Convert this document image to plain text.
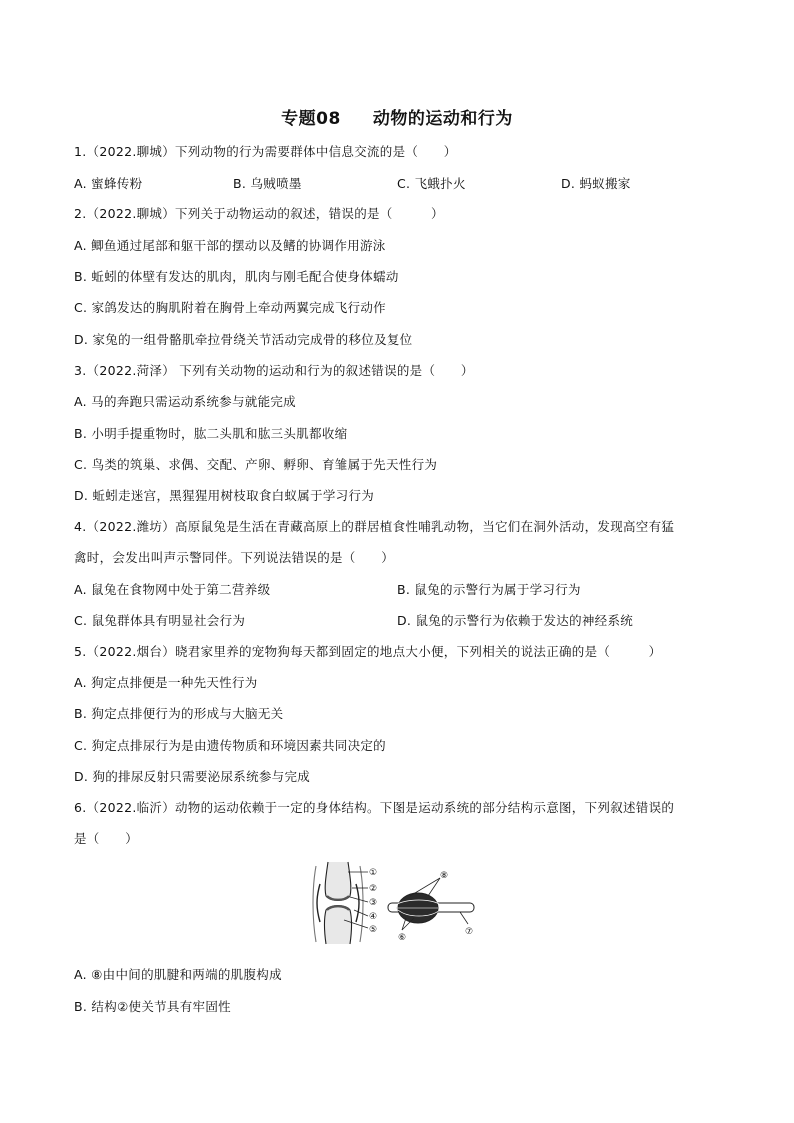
专题08     动物的运动和行为
1.（2022.聊城）下列动物的行为需要群体中信息交流的是（　　）
A. 蜜蜂传粉	B. 乌贼喷墨	C. 飞蛾扑火	D. 蚂蚁搬家
2.（2022.聊城）下列关于动物运动的叙述，错误的是（　　　）
A. 鲫鱼通过尾部和躯干部的摆动以及鳍的协调作用游泳
B. 蚯蚓的体壁有发达的肌肉，肌肉与刚毛配合使身体蠕动
C. 家鸽发达的胸肌附着在胸骨上牵动两翼完成飞行动作
D. 家兔的一组骨骼肌牵拉骨绕关节活动完成骨的移位及复位
3.（2022.菏泽） 下列有关动物的运动和行为的叙述错误的是（　　）
A. 马的奔跑只需运动系统参与就能完成
B. 小明手提重物时，肱二头肌和肱三头肌都收缩
C. 鸟类的筑巢、求偶、交配、产卵、孵卵、育雏属于先天性行为
D. 蚯蚓走迷宫，黑猩猩用树枝取食白蚁属于学习行为
4.（2022.潍坊）高原鼠兔是生活在青藏高原上的群居植食性哺乳动物，当它们在洞外活动，发现高空有猛
禽时，会发出叫声示警同伴。下列说法错误的是（　　）
A. 鼠兔在食物网中处于第二营养级	B. 鼠兔的示警行为属于学习行为
C. 鼠兔群体具有明显社会行为	D. 鼠兔的示警行为依赖于发达的神经系统
5.（2022.烟台）晓君家里养的宠物狗每天都到固定的地点大小便，下列相关的说法正确的是（　　　）
A. 狗定点排便是一种先天性行为
B. 狗定点排便行为的形成与大脑无关
C. 狗定点排尿行为是由遗传物质和环境因素共同决定的
D. 狗的排尿反射只需要泌尿系统参与完成
6.（2022.临沂）动物的运动依赖于一定的身体结构。下图是运动系统的部分结构示意图，下列叙述错误的
是（　　）
①
②
③
④
⑤
⑥
⑦
⑧
A. ⑧由中间的肌腱和两端的肌腹构成
B. 结构②使关节具有牢固性
